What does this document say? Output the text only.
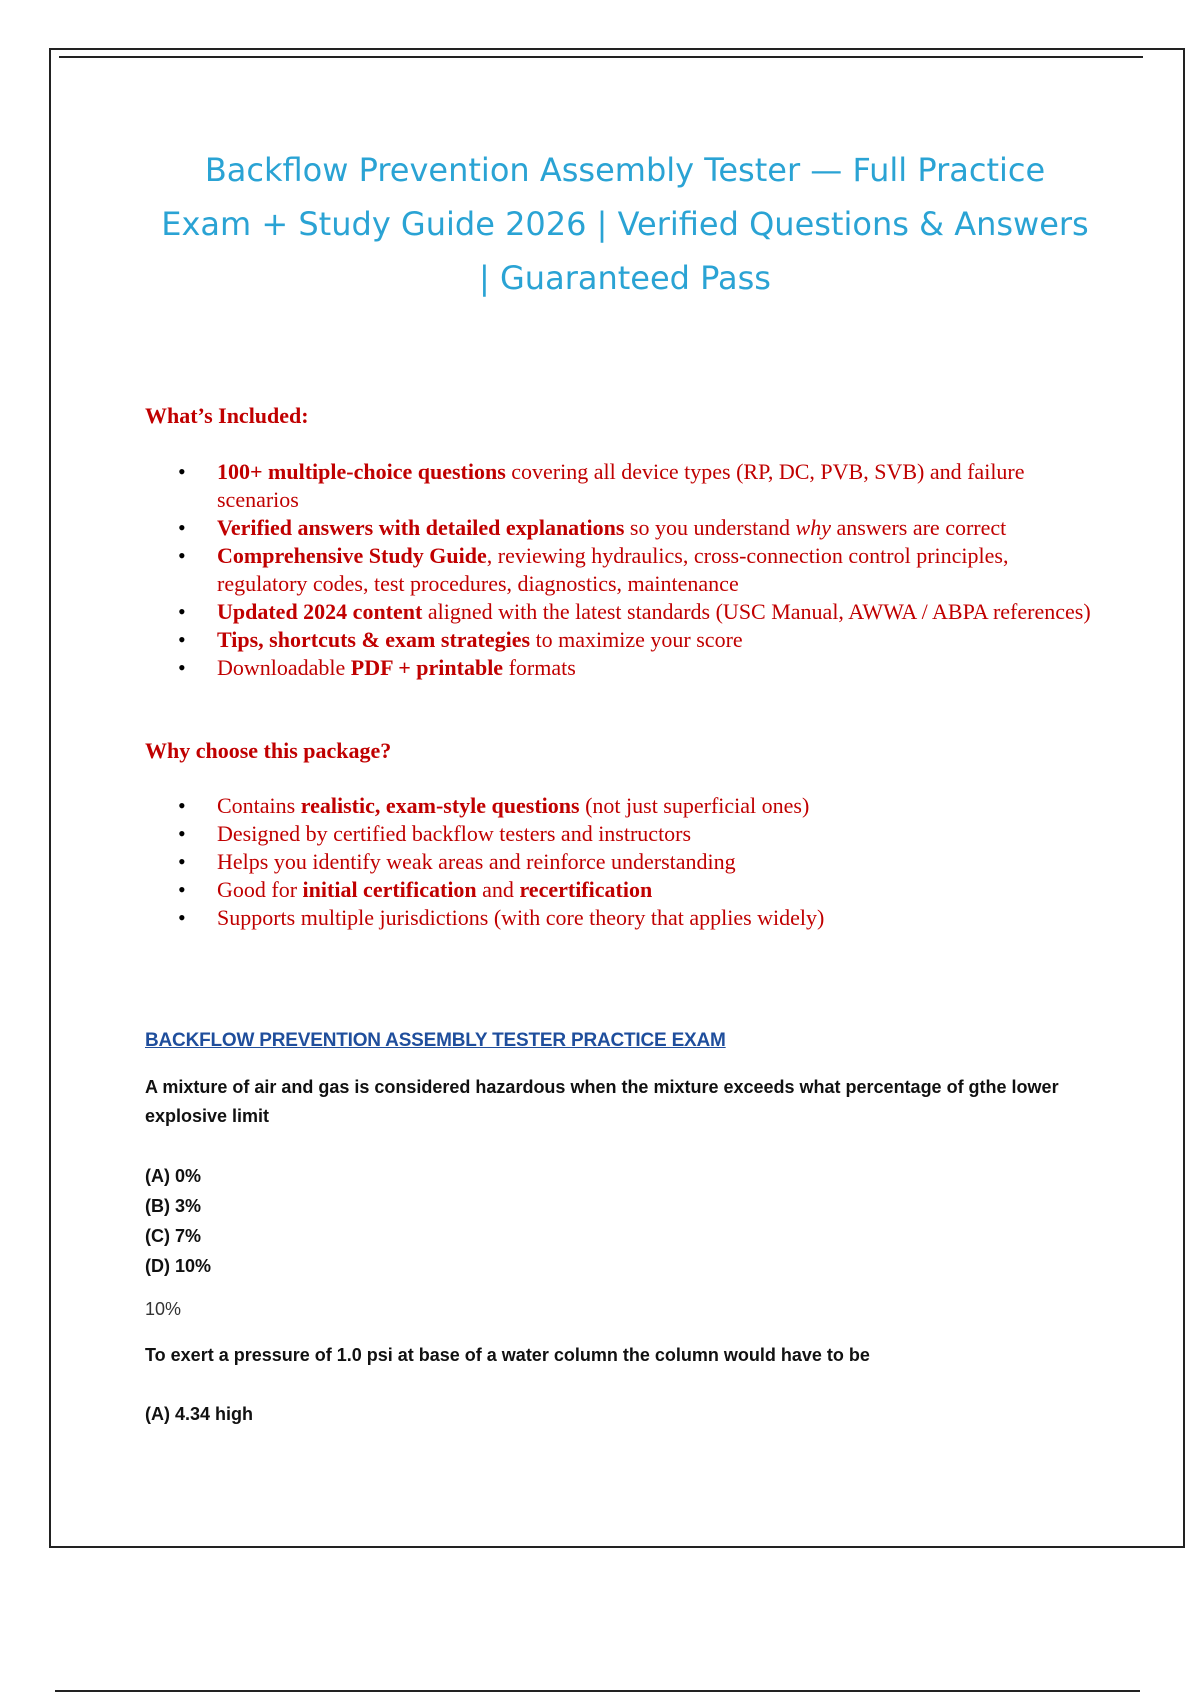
Backflow Prevention Assembly Tester — Full Practice
Exam + Study Guide 2026 | Verified Questions & Answers
| Guaranteed Pass
What’s Included:
• 100+ multiple-choice questions covering all device types (RP, DC, PVB, SVB) and failure scenarios
• Verified answers with detailed explanations so you understand why answers are correct
• Comprehensive Study Guide, reviewing hydraulics, cross-connection control principles, regulatory codes, test procedures, diagnostics, maintenance
• Updated 2024 content aligned with the latest standards (USC Manual, AWWA / ABPA references)
• Tips, shortcuts & exam strategies to maximize your score
• Downloadable PDF + printable formats
Why choose this package?
• Contains realistic, exam-style questions (not just superficial ones)
• Designed by certified backflow testers and instructors
• Helps you identify weak areas and reinforce understanding
• Good for initial certification and recertification
• Supports multiple jurisdictions (with core theory that applies widely)
BACKFLOW PREVENTION ASSEMBLY TESTER PRACTICE EXAM
A mixture of air and gas is considered hazardous when the mixture exceeds what percentage of gthe lower explosive limit
(A) 0%
(B) 3%
(C) 7%
(D) 10%
10%
To exert a pressure of 1.0 psi at base of a water column the column would have to be
(A) 4.34 high
